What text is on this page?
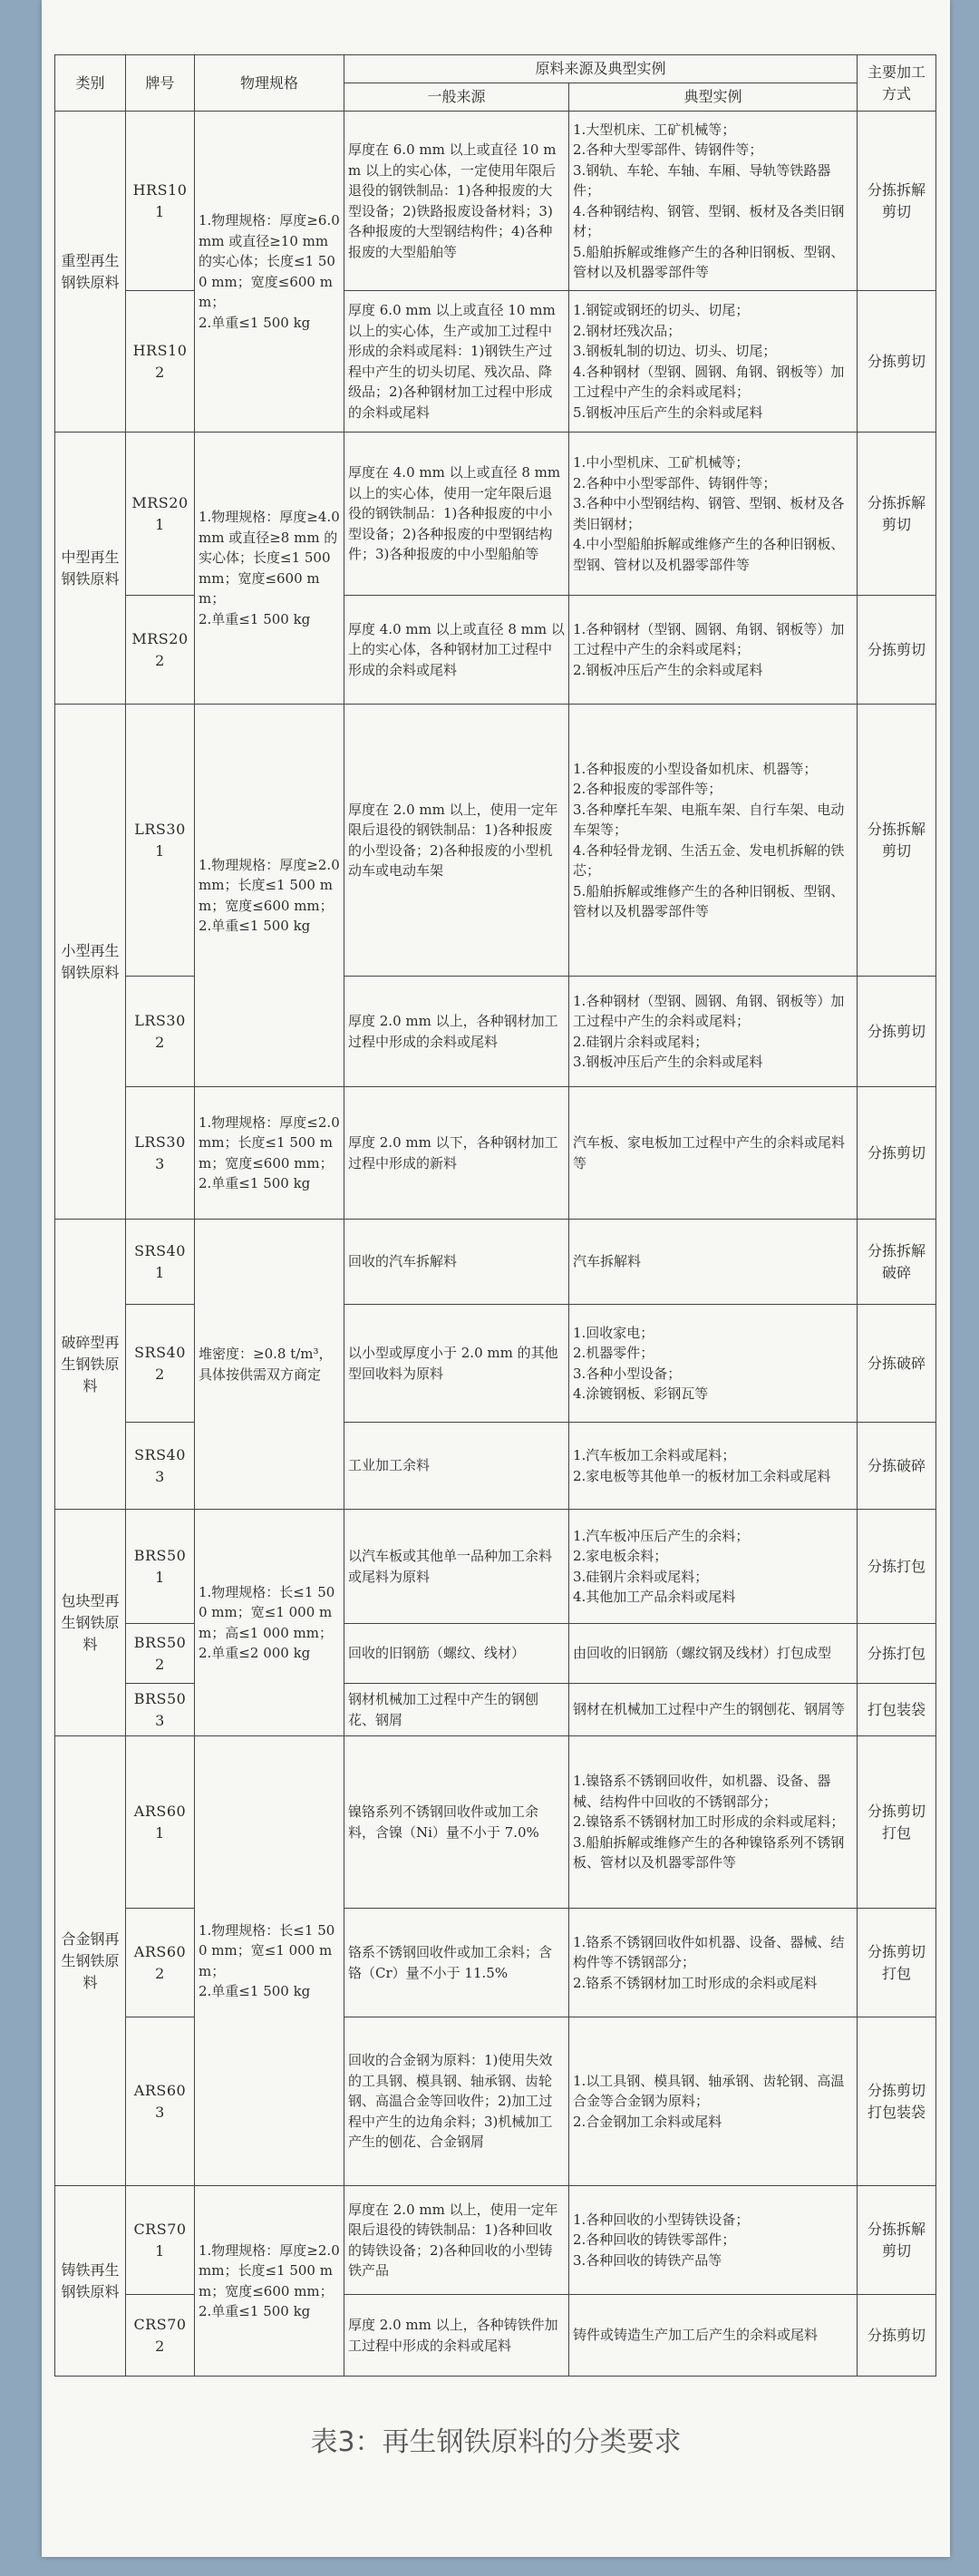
类别	牌号	物理规格	原料来源及典型实例		主要加工方式
			一般来源	典型实例	
重型再生钢铁原料	HRS101	1.物理规格：厚度≥6.0 mm 或直径≥10 mm的实心体；长度≤1 500 mm；宽度≤600 mm；
2.单重≤1 500 kg	厚度在 6.0 mm 以上或直径 10 mm 以上的实心体，一定使用年限后退役的钢铁制品：1)各种报废的大型设备；2)铁路报废设备材料；3)各种报废的大型钢结构件；4)各种报废的大型船舶等	1.大型机床、工矿机械等；
2.各种大型零部件、铸钢件等；
3.钢轨、车轮、车轴、车厢、导轨等铁路器件；
4.各种钢结构、钢管、型钢、板材及各类旧钢材；
5.船舶拆解或维修产生的各种旧钢板、型钢、管材以及机器零部件等	分拣拆解剪切
	HRS102		厚度 6.0 mm 以上或直径 10 mm以上的实心体，生产或加工过程中形成的余料或尾料：1)钢铁生产过程中产生的切头切尾、残次品、降级品；2)各种钢材加工过程中形成的余料或尾料	1.钢锭或钢坯的切头、切尾；
2.钢材坯残次品；
3.钢板轧制的切边、切头、切尾；
4.各种钢材（型钢、圆钢、角钢、钢板等）加工过程中产生的余料或尾料；
5.钢板冲压后产生的余料或尾料	分拣剪切
中型再生钢铁原料	MRS201	1.物理规格：厚度≥4.0 mm 或直径≥8 mm 的实心体；长度≤1 500 mm；宽度≤600 mm；
2.单重≤1 500 kg	厚度在 4.0 mm 以上或直径 8 mm以上的实心体，使用一定年限后退役的钢铁制品：1)各种报废的中小型设备；2)各种报废的中型钢结构件；3)各种报废的中小型船舶等	1.中小型机床、工矿机械等；
2.各种中小型零部件、铸钢件等；
3.各种中小型钢结构、钢管、型钢、板材及各类旧钢材；
4.中小型船舶拆解或维修产生的各种旧钢板、型钢、管材以及机器零部件等	分拣拆解剪切
	MRS202		厚度 4.0 mm 以上或直径 8 mm 以上的实心体，各种钢材加工过程中形成的余料或尾料	1.各种钢材（型钢、圆钢、角钢、钢板等）加工过程中产生的余料或尾料；
2.钢板冲压后产生的余料或尾料	分拣剪切
小型再生钢铁原料	LRS301	1.物理规格：厚度≥2.0 mm；长度≤1 500 mm；宽度≤600 mm；
2.单重≤1 500 kg	厚度在 2.0 mm 以上，使用一定年限后退役的钢铁制品：1)各种报废的小型设备；2)各种报废的小型机动车或电动车架	1.各种报废的小型设备如机床、机器等；
2.各种报废的零部件等；
3.各种摩托车架、电瓶车架、自行车架、电动车架等；
4.各种轻骨龙钢、生活五金、发电机拆解的铁芯；
5.船舶拆解或维修产生的各种旧钢板、型钢、管材以及机器零部件等	分拣拆解剪切
	LRS302		厚度 2.0 mm 以上，各种钢材加工过程中形成的余料或尾料	1.各种钢材（型钢、圆钢、角钢、钢板等）加工过程中产生的余料或尾料；
2.硅钢片余料或尾料；
3.钢板冲压后产生的余料或尾料	分拣剪切
	LRS303	1.物理规格：厚度≤2.0 mm；长度≤1 500 mm；宽度≤600 mm；
2.单重≤1 500 kg	厚度 2.0 mm 以下，各种钢材加工过程中形成的新料	汽车板、家电板加工过程中产生的余料或尾料等	分拣剪切
破碎型再生钢铁原料	SRS401	堆密度：≥0.8 t/m³，具体按供需双方商定	回收的汽车拆解料	汽车拆解料	分拣拆解破碎
	SRS402		以小型或厚度小于 2.0 mm 的其他型回收料为原料	1.回收家电；
2.机器零件；
3.各种小型设备；
4.涂镀钢板、彩钢瓦等	分拣破碎
	SRS403		工业加工余料	1.汽车板加工余料或尾料；
2.家电板等其他单一的板材加工余料或尾料	分拣破碎
包块型再生钢铁原料	BRS501	1.物理规格：长≤1 500 mm；宽≤1 000 mm；高≤1 000 mm；
2.单重≤2 000 kg	以汽车板或其他单一品种加工余料或尾料为原料	1.汽车板冲压后产生的余料；
2.家电板余料；
3.硅钢片余料或尾料；
4.其他加工产品余料或尾料	分拣打包
	BRS502		回收的旧钢筋（螺纹、线材）	由回收的旧钢筋（螺纹钢及线材）打包成型	分拣打包
	BRS503		钢材机械加工过程中产生的钢刨花、钢屑	钢材在机械加工过程中产生的钢刨花、钢屑等	打包装袋
合金钢再生钢铁原料	ARS601	1.物理规格：长≤1 500 mm；宽≤1 000 mm；
2.单重≤1 500 kg	镍铬系列不锈钢回收件或加工余料，含镍（Ni）量不小于 7.0%	1.镍铬系不锈钢回收件，如机器、设备、器械、结构件中回收的不锈钢部分；
2.镍铬系不锈钢材加工时形成的余料或尾料；
3.船舶拆解或维修产生的各种镍铬系列不锈钢板、管材以及机器零部件等	分拣剪切打包
	ARS602		铬系不锈钢回收件或加工余料；含铬（Cr）量不小于 11.5%	1.铬系不锈钢回收件如机器、设备、器械、结构件等不锈钢部分；
2.铬系不锈钢材加工时形成的余料或尾料	分拣剪切打包
	ARS603		回收的合金钢为原料：1)使用失效的工具钢、模具钢、轴承钢、齿轮钢、高温合金等回收件；2)加工过程中产生的边角余料；3)机械加工产生的刨花、合金钢屑	1.以工具钢、模具钢、轴承钢、齿轮钢、高温合金等合金钢为原料；
2.合金钢加工余料或尾料	分拣剪切打包装袋
铸铁再生钢铁原料	CRS701	1.物理规格：厚度≥2.0 mm；长度≤1 500 mm；宽度≤600 mm；
2.单重≤1 500 kg	厚度在 2.0 mm 以上，使用一定年限后退役的铸铁制品：1)各种回收的铸铁设备；2)各种回收的小型铸铁产品	1.各种回收的小型铸铁设备；
2.各种回收的铸铁零部件；
3.各种回收的铸铁产品等	分拣拆解剪切
	CRS702		厚度 2.0 mm 以上，各种铸铁件加工过程中形成的余料或尾料	铸件或铸造生产加工后产生的余料或尾料	分拣剪切
表3：再生钢铁原料的分类要求
